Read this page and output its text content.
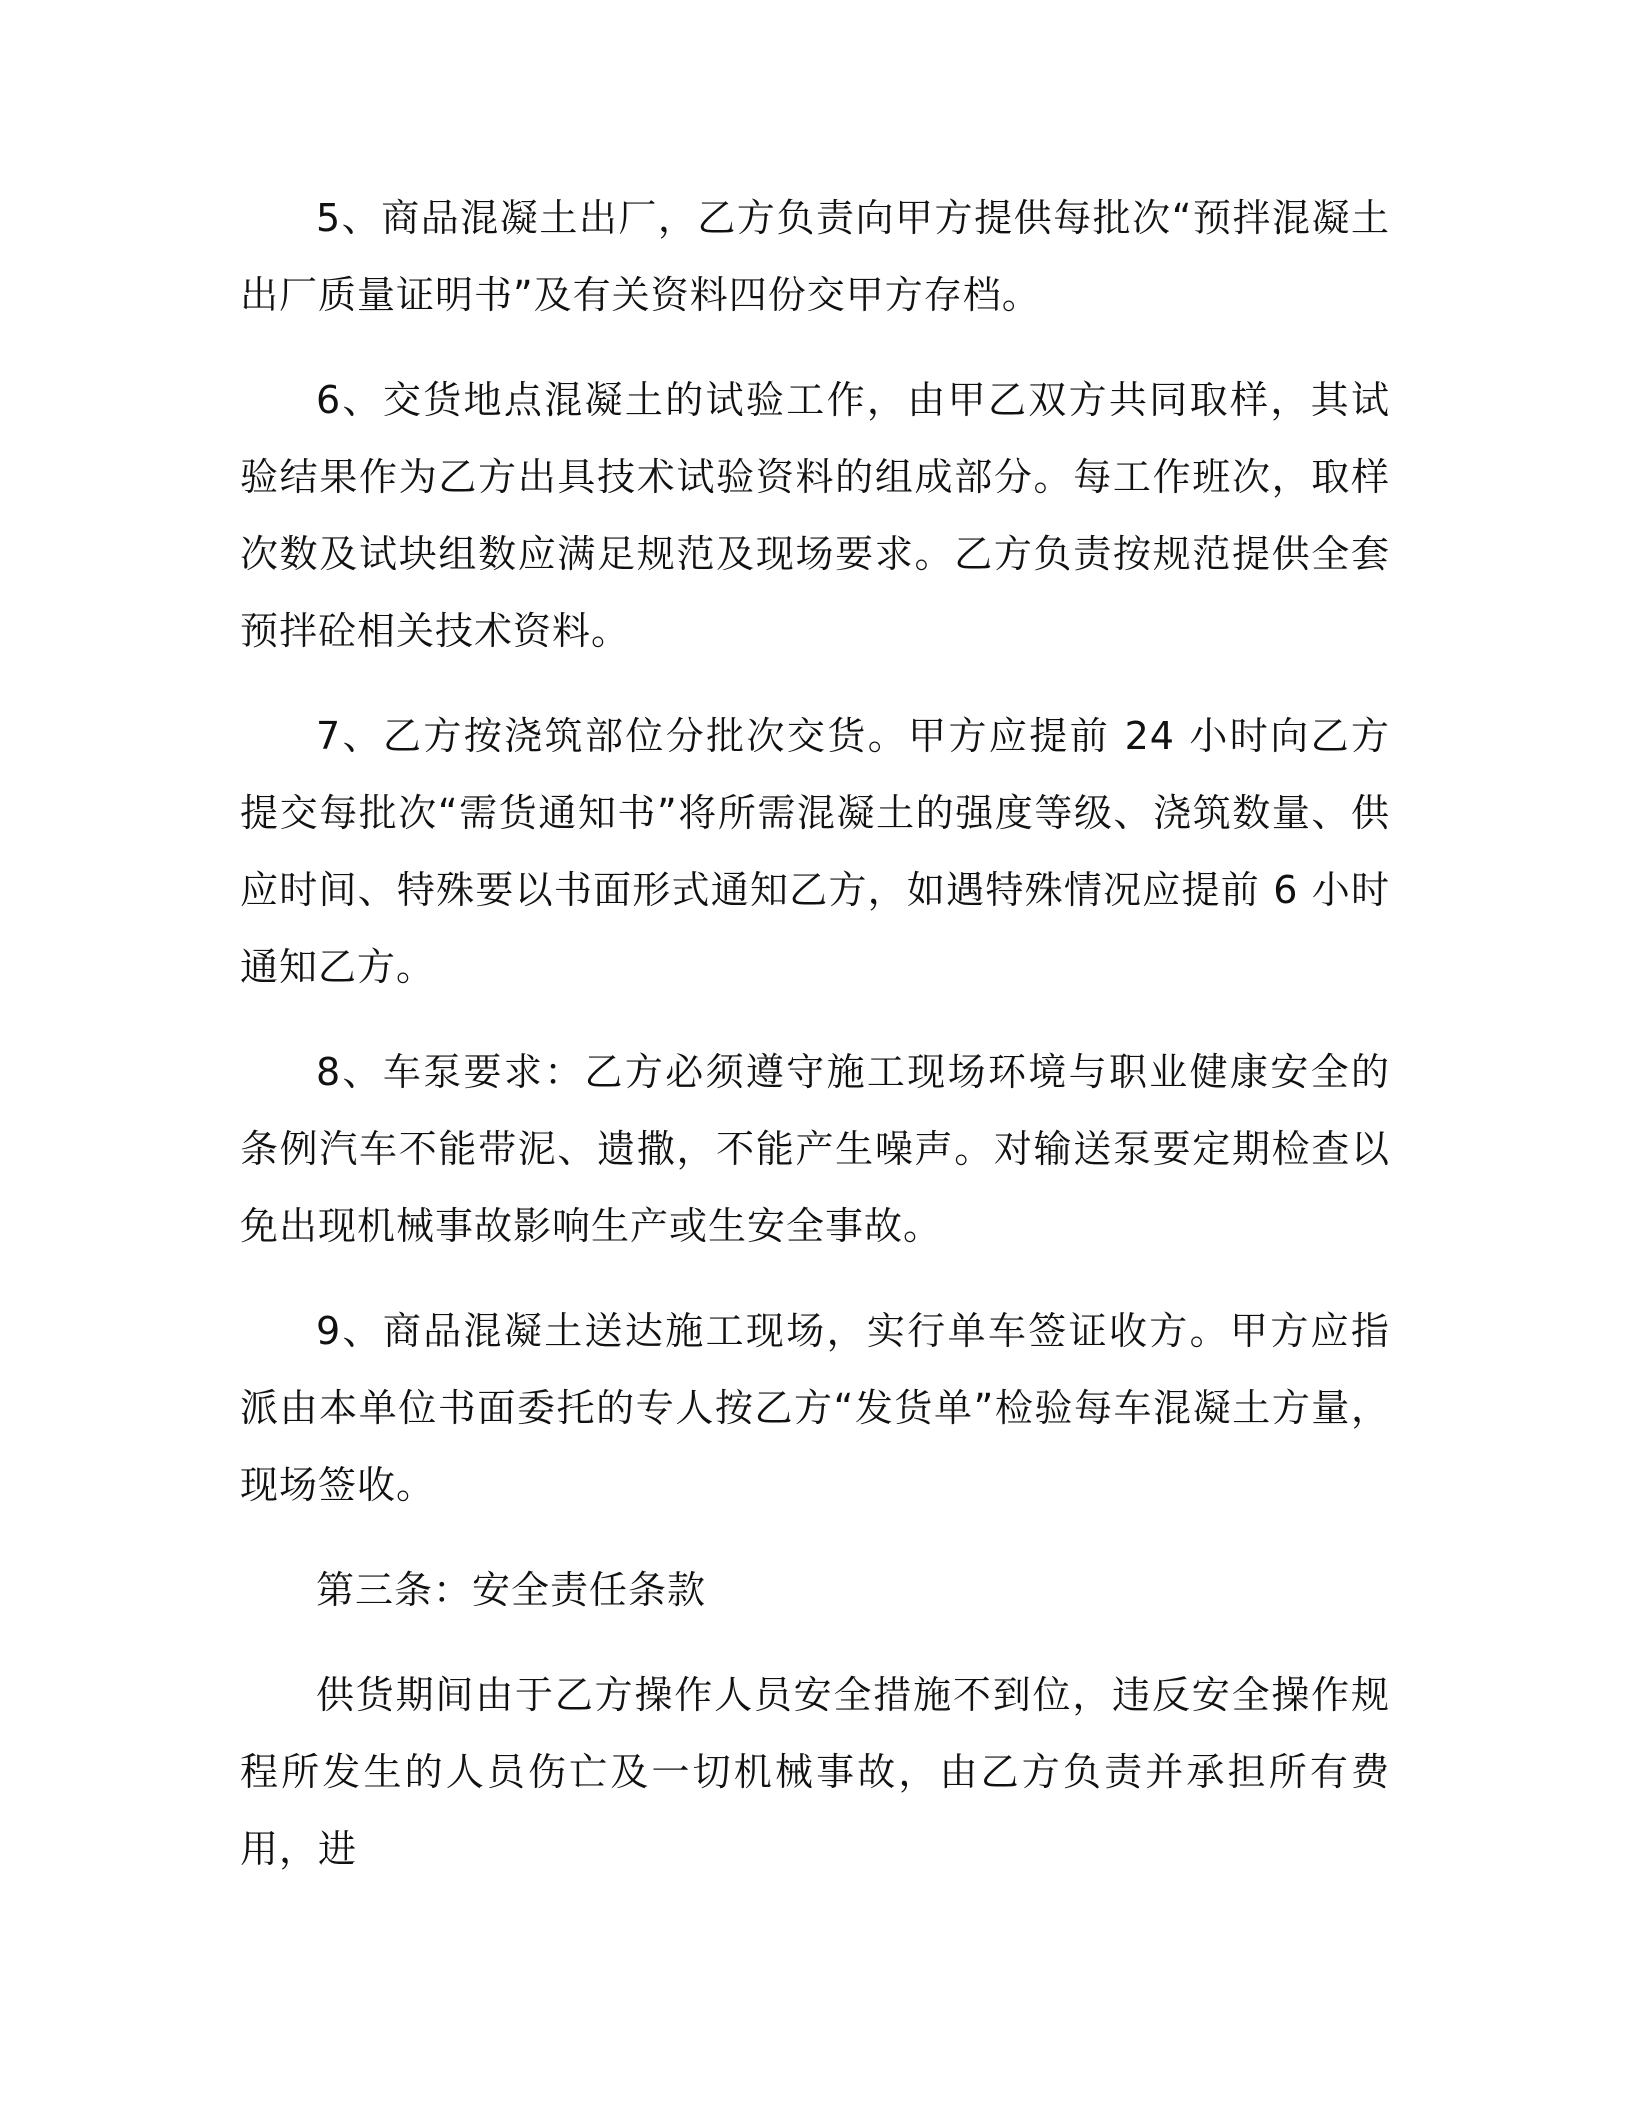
5、商品混凝土出厂，乙方负责向甲方提供每批次“预拌混凝土出厂质量证明书”及有关资料四份交甲方存档。

6、交货地点混凝土的试验工作，由甲乙双方共同取样，其试验结果作为乙方出具技术试验资料的组成部分。每工作班次，取样次数及试块组数应满足规范及现场要求。乙方负责按规范提供全套预拌砼相关技术资料。

7、乙方按浇筑部位分批次交货。甲方应提前 24 小时向乙方提交每批次“需货通知书”将所需混凝土的强度等级、浇筑数量、供应时间、特殊要以书面形式通知乙方，如遇特殊情况应提前 6 小时通知乙方。

8、车泵要求：乙方必须遵守施工现场环境与职业健康安全的条例汽车不能带泥、遗撒，不能产生噪声。对输送泵要定期检查以免出现机械事故影响生产或生安全事故。

9、商品混凝土送达施工现场，实行单车签证收方。甲方应指派由本单位书面委托的专人按乙方“发货单”检验每车混凝土方量，现场签收。

第三条：安全责任条款

供货期间由于乙方操作人员安全措施不到位，违反安全操作规程所发生的人员伤亡及一切机械事故，由乙方负责并承担所有费用，进
